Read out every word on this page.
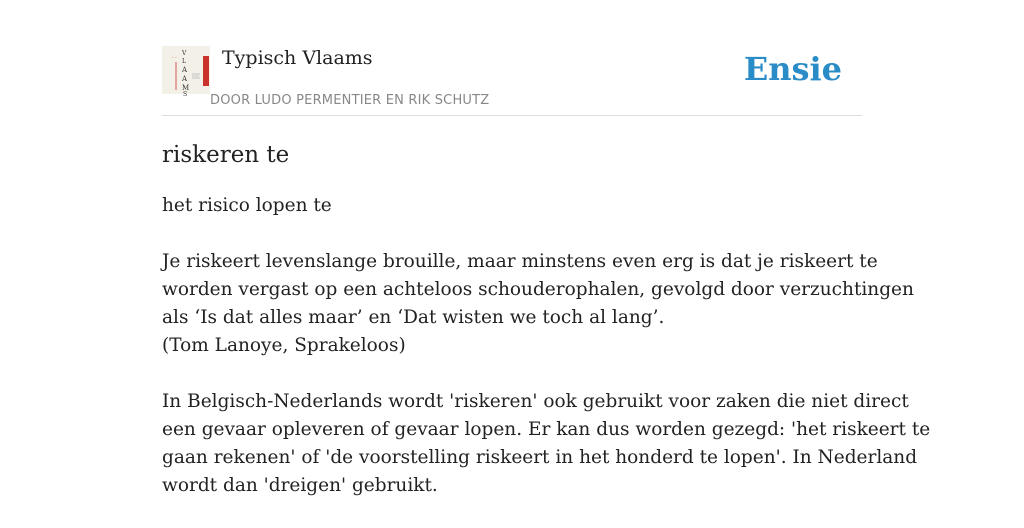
. . V
L
A
A
M
S
Typisch Vlaams
DOOR LUDO PERMENTIER EN RIK SCHUTZ
Ensie
riskeren te

het risico lopen te

Je riskeert levenslange brouille, maar minstens even erg is dat je riskeert te
worden vergast op een achteloos schouderophalen, gevolgd door verzuchtingen
als ‘Is dat alles maar’ en ‘Dat wisten we toch al lang’.
(Tom Lanoye, Sprakeloos)

In Belgisch-Nederlands wordt 'riskeren' ook gebruikt voor zaken die niet direct
een gevaar opleveren of gevaar lopen. Er kan dus worden gezegd: 'het riskeert te
gaan rekenen' of 'de voorstelling riskeert in het honderd te lopen'. In Nederland
wordt dan 'dreigen' gebruikt.
